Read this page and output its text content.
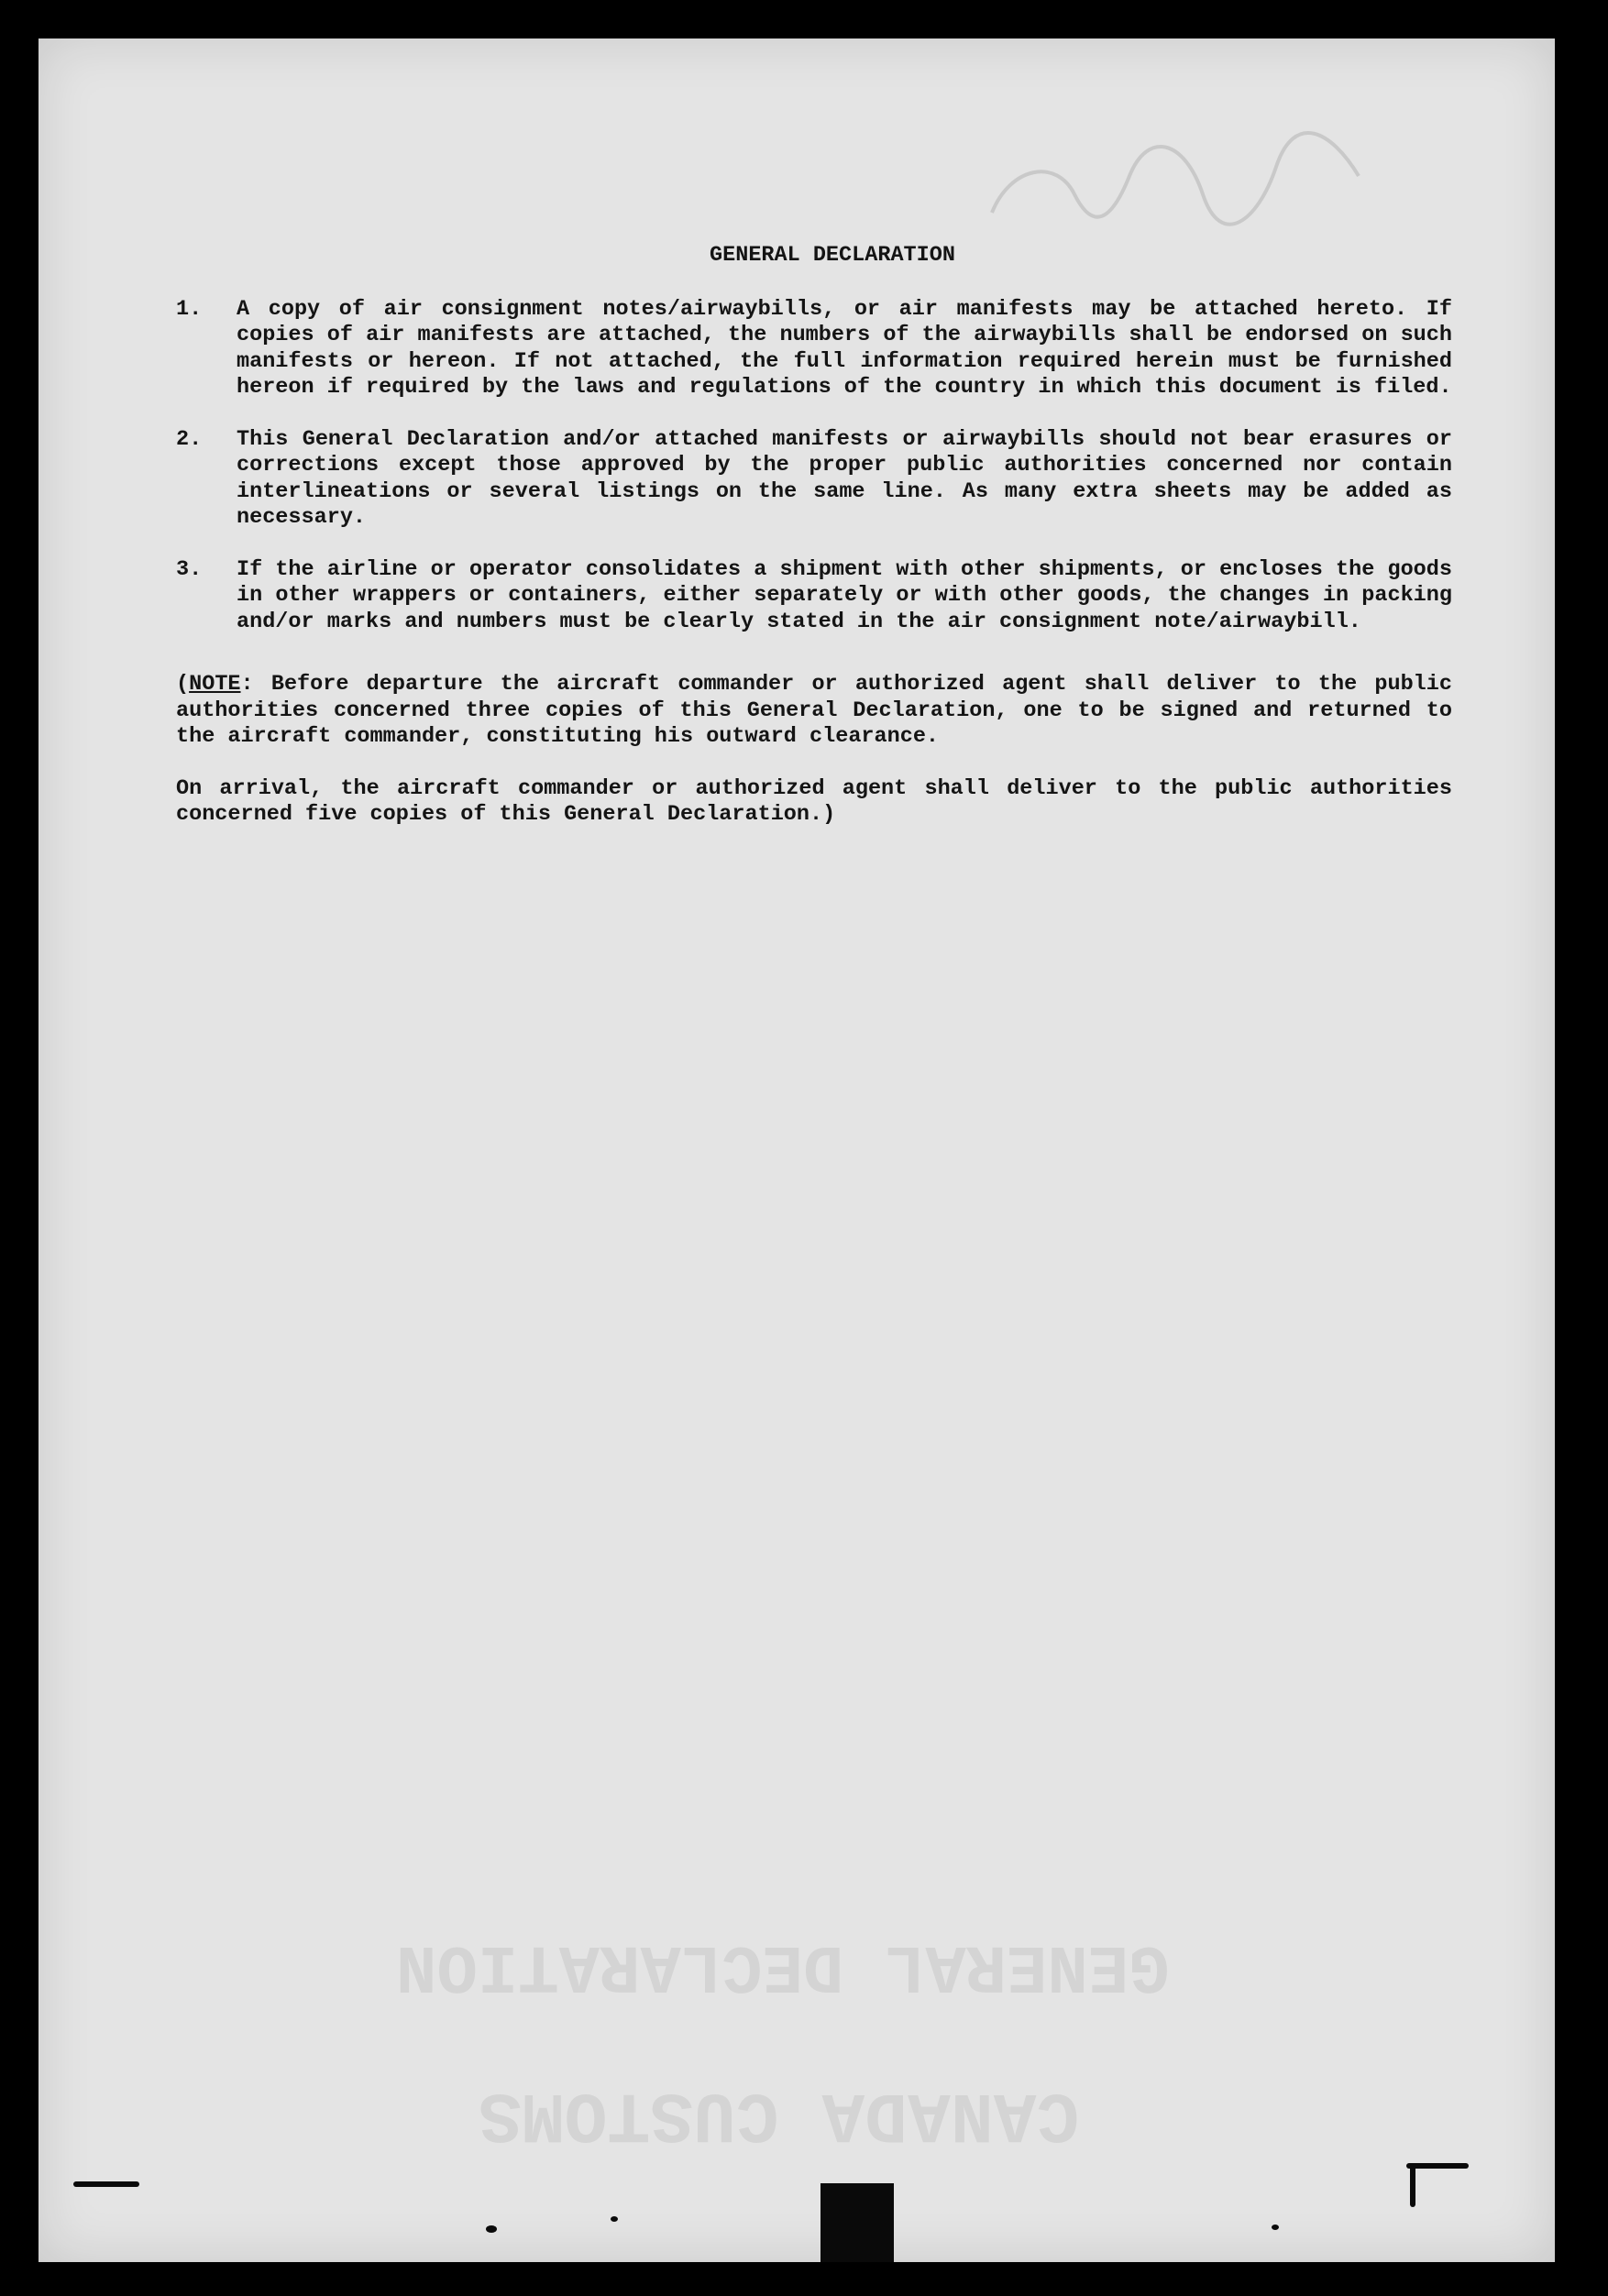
CANADA CUSTOMS
GENERAL DECLARATION
GENERAL DECLARATION
1.	A copy of air consignment notes/airwaybills, or air manifests may be attached hereto. If copies of air manifests are attached, the numbers of the airwaybills shall be endorsed on such manifests or hereon. If not attached, the full information required herein must be furnished hereon if required by the laws and regulations of the country in which this document is filed.
2.	This General Declaration and/or attached manifests or airwaybills should not bear erasures or corrections except those approved by the proper public authorities concerned nor contain interlineations or several listings on the same line. As many extra sheets may be added as necessary.
3.	If the airline or operator consolidates a shipment with other shipments, or encloses the goods in other wrappers or containers, either separately or with other goods, the changes in packing and/or marks and numbers must be clearly stated in the air consignment note/airwaybill.
(NOTE: Before departure the aircraft commander or authorized agent shall deliver to the public authorities concerned three copies of this General Declaration, one to be signed and returned to the aircraft commander, constituting his outward clearance.
On arrival, the aircraft commander or authorized agent shall deliver to the public authorities concerned five copies of this General Declaration.)
